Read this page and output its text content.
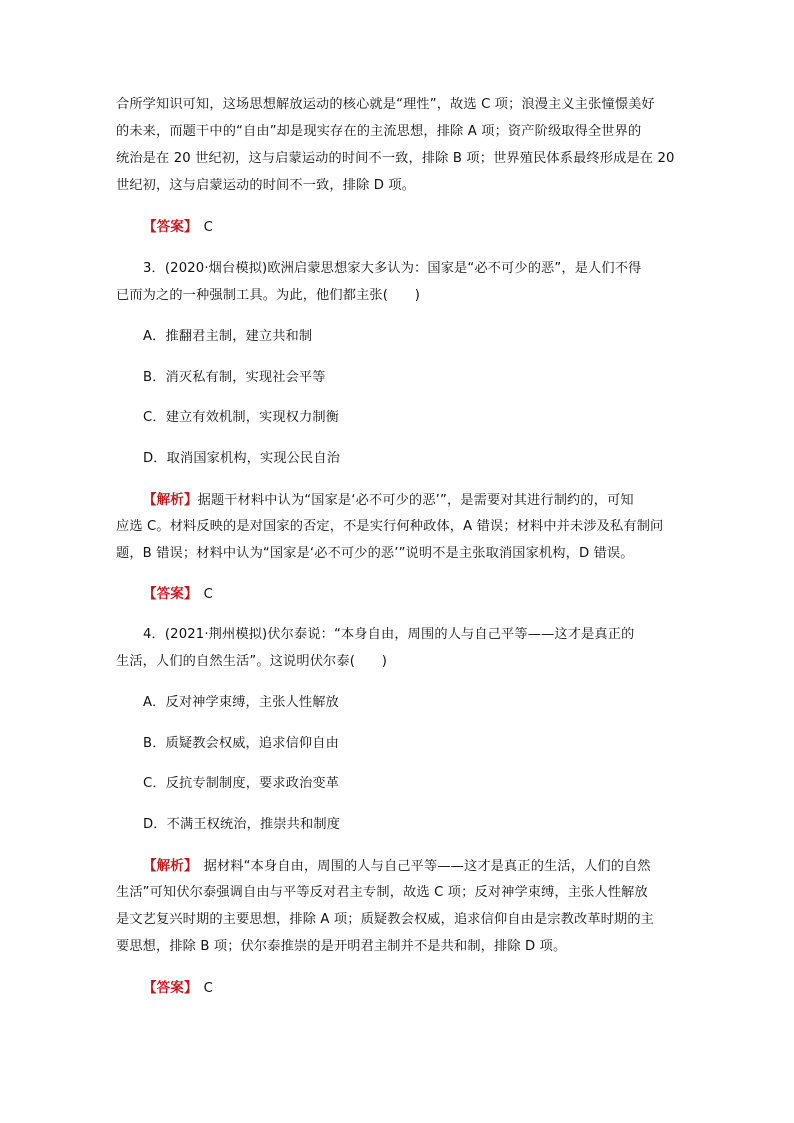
合所学知识可知，这场思想解放运动的核心就是“理性”，故选 C 项；浪漫主义主张憧憬美好
的未来，而题干中的“自由”却是现实存在的主流思想，排除 A 项；资产阶级取得全世界的
统治是在 20 世纪初，这与启蒙运动的时间不一致，排除 B 项；世界殖民体系最终形成是在 20
世纪初，这与启蒙运动的时间不一致，排除 D 项。
【答案】 C
3．(2020·烟台模拟)欧洲启蒙思想家大多认为：国家是“必不可少的恶”，是人们不得
已而为之的一种强制工具。为此，他们都主张(　　)
A．推翻君主制，建立共和制
B．消灭私有制，实现社会平等
C．建立有效机制，实现权力制衡
D．取消国家机构，实现公民自治
【解析】据题干材料中认为“国家是‘必不可少的恶’”，是需要对其进行制约的，可知
应选 C。材料反映的是对国家的否定，不是实行何种政体，A 错误；材料中并未涉及私有制问
题，B 错误；材料中认为“国家是‘必不可少的恶’”说明不是主张取消国家机构，D 错误。
【答案】 C
4．(2021·荆州模拟)伏尔泰说：“本身自由，周围的人与自己平等——这才是真正的
生活，人们的自然生活”。这说明伏尔泰(　　)
A．反对神学束缚，主张人性解放
B．质疑教会权威，追求信仰自由
C．反抗专制制度，要求政治变革
D．不满王权统治，推崇共和制度
【解析】 据材料“本身自由，周围的人与自己平等——这才是真正的生活，人们的自然
生活”可知伏尔泰强调自由与平等反对君主专制，故选 C 项；反对神学束缚，主张人性解放
是文艺复兴时期的主要思想，排除 A 项；质疑教会权威，追求信仰自由是宗教改革时期的主
要思想，排除 B 项；伏尔泰推崇的是开明君主制并不是共和制，排除 D 项。
【答案】 C
